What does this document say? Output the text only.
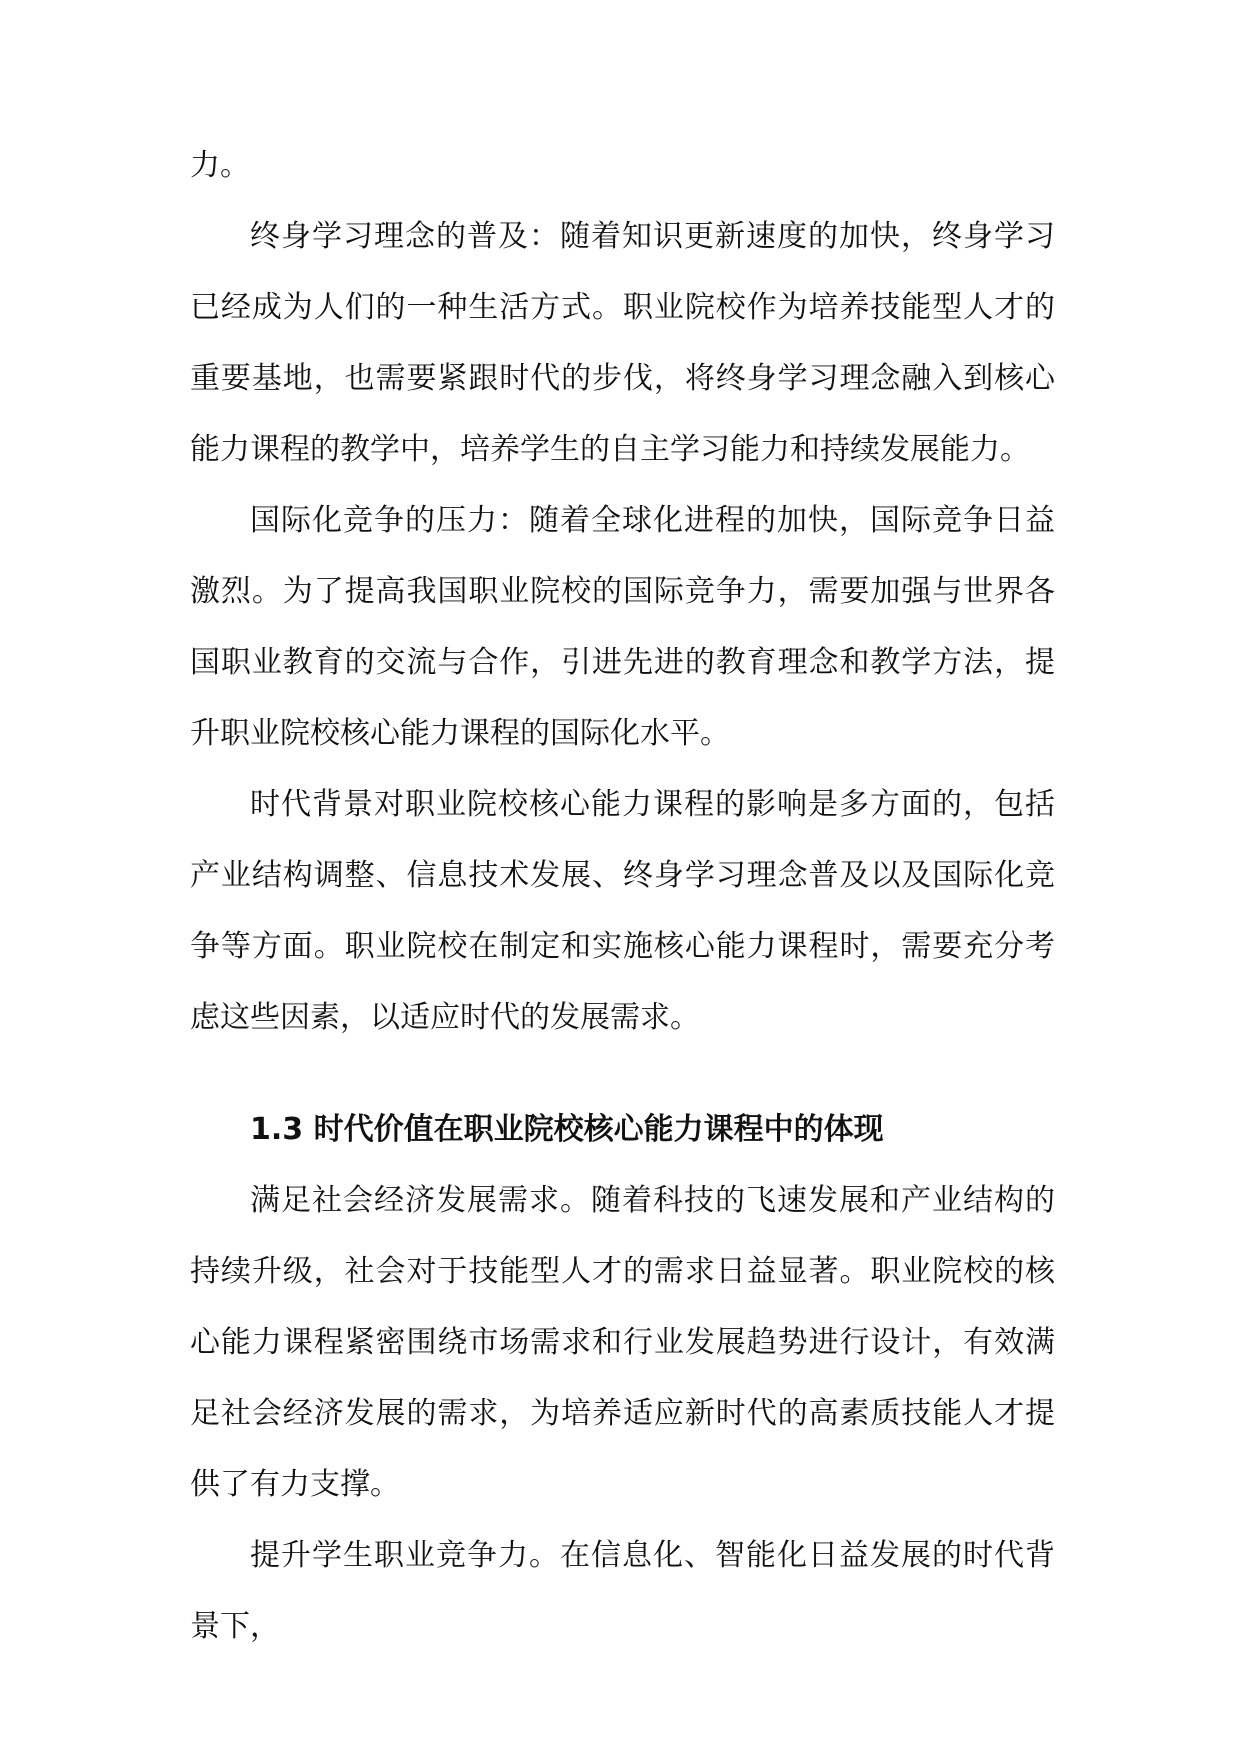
力。

终身学习理念的普及：随着知识更新速度的加快，终身学习已经成为人们的一种生活方式。职业院校作为培养技能型人才的重要基地，也需要紧跟时代的步伐，将终身学习理念融入到核心能力课程的教学中，培养学生的自主学习能力和持续发展能力。

国际化竞争的压力：随着全球化进程的加快，国际竞争日益激烈。为了提高我国职业院校的国际竞争力，需要加强与世界各国职业教育的交流与合作，引进先进的教育理念和教学方法，提升职业院校核心能力课程的国际化水平。

时代背景对职业院校核心能力课程的影响是多方面的，包括产业结构调整、信息技术发展、终身学习理念普及以及国际化竞争等方面。职业院校在制定和实施核心能力课程时，需要充分考虑这些因素，以适应时代的发展需求。

1.3 时代价值在职业院校核心能力课程中的体现

满足社会经济发展需求。随着科技的飞速发展和产业结构的持续升级，社会对于技能型人才的需求日益显著。职业院校的核心能力课程紧密围绕市场需求和行业发展趋势进行设计，有效满足社会经济发展的需求，为培养适应新时代的高素质技能人才提供了有力支撑。

提升学生职业竞争力。在信息化、智能化日益发展的时代背景下，
